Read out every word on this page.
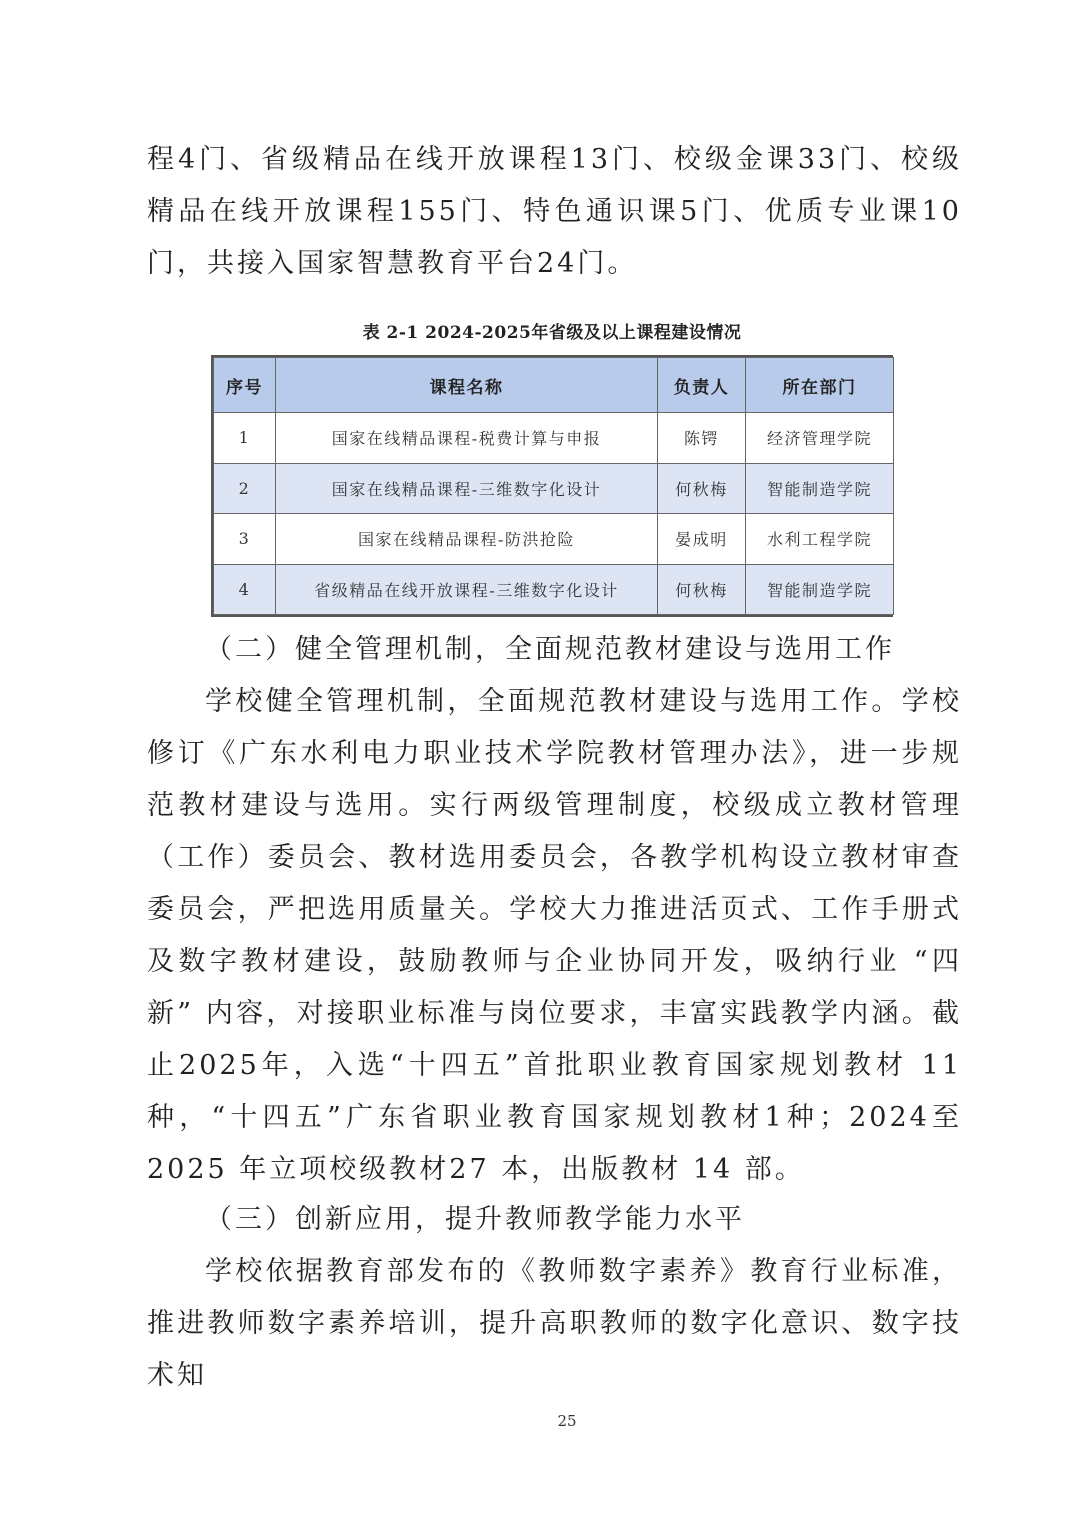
程4门、省级精品在线开放课程13门、校级金课33门、校级精品在线开放课程155门、特色通识课5门、优质专业课10门，共接入国家智慧教育平台24门。

表 2-1 2024-2025年省级及以上课程建设情况
序号	课程名称	负责人	所在部门
1	国家在线精品课程-税费计算与申报	陈锷	经济管理学院
2	国家在线精品课程-三维数字化设计	何秋梅	智能制造学院
3	国家在线精品课程-防洪抢险	晏成明	水利工程学院
4	省级精品在线开放课程-三维数字化设计	何秋梅	智能制造学院

（二）健全管理机制，全面规范教材建设与选用工作

学校健全管理机制，全面规范教材建设与选用工作。学校修订《广东水利电力职业技术学院教材管理办法》，进一步规范教材建设与选用。实行两级管理制度，校级成立教材管理（工作）委员会、教材选用委员会，各教学机构设立教材审查委员会，严把选用质量关。学校大力推进活页式、工作手册式及数字教材建设，鼓励教师与企业协同开发，吸纳行业 “四新” 内容，对接职业标准与岗位要求，丰富实践教学内涵。截止2025年，入选“十四五”首批职业教育国家规划教材 11 种，“十四五”广东省职业教育国家规划教材1种；2024至2025 年立项校级教材27 本，出版教材 14 部。

（三）创新应用，提升教师教学能力水平

学校依据教育部发布的《教师数字素养》教育行业标准，推进教师数字素养培训，提升高职教师的数字化意识、数字技术知

25
